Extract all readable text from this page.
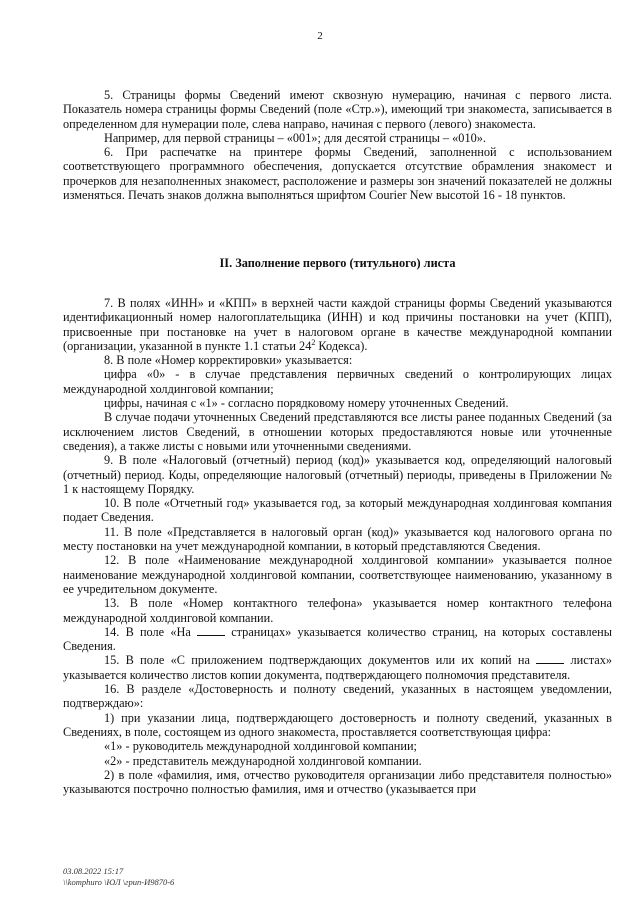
2

5. Страницы формы Сведений имеют сквозную нумерацию, начиная с первого листа. Показатель номера страницы формы Сведений (поле «Стр.»), имеющий три знакоместа, записывается в определенном для нумерации поле, слева направо, начиная с первого (левого) знакоместа.

Например, для первой страницы – «001»; для десятой страницы – «010».

6. При распечатке на принтере формы Сведений, заполненной с использованием соответствующего программного обеспечения, допускается отсутствие обрамления знакомест и прочерков для незаполненных знакомест, расположение и размеры зон значений показателей не должны изменяться. Печать знаков должна выполняться шрифтом Courier New высотой 16 - 18 пунктов.

II. Заполнение первого (титульного) листа

7. В полях «ИНН» и «КПП» в верхней части каждой страницы формы Сведений указываются идентификационный номер налогоплательщика (ИНН) и код причины постановки на учет (КПП), присвоенные при постановке на учет в налоговом органе в качестве международной компании (организации, указанной в пункте 1.1 статьи $24^2$ Кодекса).

8. В поле «Номер корректировки» указывается:

цифра «0» - в случае представления первичных сведений о контролирующих лицах международной холдинговой компании;

цифры, начиная с «1» - согласно порядковому номеру уточненных Сведений.

В случае подачи уточненных Сведений представляются все листы ранее поданных Сведений (за исключением листов Сведений, в отношении которых предоставляются новые или уточненные сведения), а также листы с новыми или уточненными сведениями.

9. В поле «Налоговый (отчетный) период (код)» указывается код, определяющий налоговый (отчетный) период. Коды, определяющие налоговый (отчетный) периоды, приведены в Приложении № 1 к настоящему Порядку.

10. В поле «Отчетный год» указывается год, за который международная холдинговая компания подает Сведения.

11. В поле «Представляется в налоговый орган (код)» указывается код налогового органа по месту постановки на учет международной компании, в который представляются Сведения.

12. В поле «Наименование международной холдинговой компании» указывается полное наименование международной холдинговой компании, соответствующее наименованию, указанному в ее учредительном документе.

13. В поле «Номер контактного телефона» указывается номер контактного телефона международной холдинговой компании.

14. В поле «На  страницах» указывается количество страниц, на которых составлены Сведения.

15. В поле «С приложением подтверждающих документов или их копий на  листах» указывается количество листов копии документа, подтверждающего полномочия представителя.

16. В разделе «Достоверность и полноту сведений, указанных в настоящем уведомлении, подтверждаю»:

1) при указании лица, подтверждающего достоверность и полноту сведений, указанных в Сведениях, в поле, состоящем из одного знакоместа, проставляется соответствующая цифра:

«1» - руководитель международной холдинговой компании;

«2» - представитель международной холдинговой компании.

2) в поле «фамилия, имя, отчество руководителя организации либо представителя полностью» указываются построчно полностью фамилия, имя и отчество (указывается при

03.08.2022 15:17
\\komphuro \ЮЛ \грип-И9870-6
